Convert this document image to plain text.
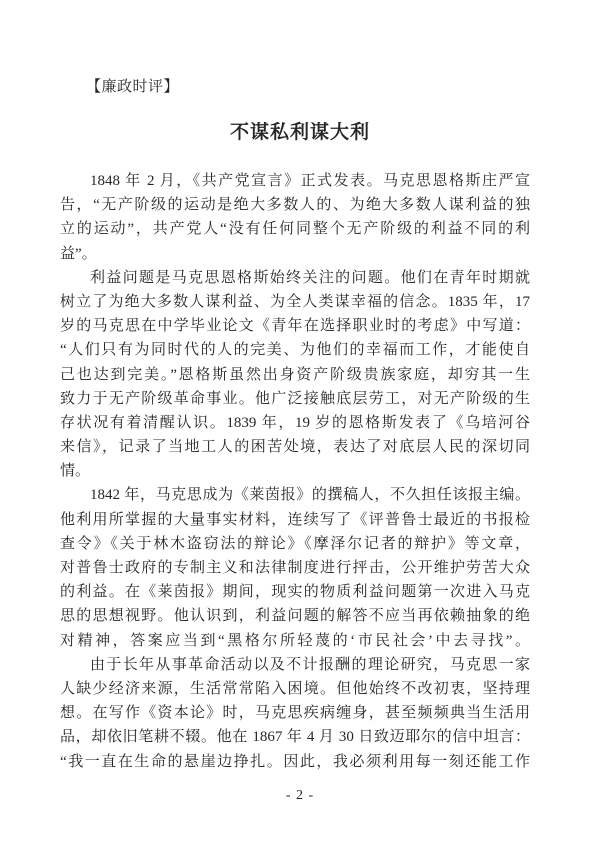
【廉政时评】
不谋私利谋大利
1848 年 2 月，《共产党宣言》正式发表。马克思恩格斯庄严宣
告，“无产阶级的运动是绝大多数人的、为绝大多数人谋利益的独
立的运动”，共产党人“没有任何同整个无产阶级的利益不同的利
益”。
利益问题是马克思恩格斯始终关注的问题。他们在青年时期就
树立了为绝大多数人谋利益、为全人类谋幸福的信念。1835 年，17
岁的马克思在中学毕业论文《青年在选择职业时的考虑》中写道：
“人们只有为同时代的人的完美、为他们的幸福而工作，才能使自
己也达到完美。”恩格斯虽然出身资产阶级贵族家庭，却穷其一生
致力于无产阶级革命事业。他广泛接触底层劳工，对无产阶级的生
存状况有着清醒认识。1839 年，19 岁的恩格斯发表了《乌培河谷
来信》，记录了当地工人的困苦处境，表达了对底层人民的深切同
情。
1842 年，马克思成为《莱茵报》的撰稿人，不久担任该报主编。
他利用所掌握的大量事实材料，连续写了《评普鲁士最近的书报检
查令》《关于林木盗窃法的辩论》《摩泽尔记者的辩护》等文章，
对普鲁士政府的专制主义和法律制度进行抨击，公开维护劳苦大众
的利益。在《莱茵报》期间，现实的物质利益问题第一次进入马克
思的思想视野。他认识到，利益问题的解答不应当再依赖抽象的绝
对精神，答案应当到“黑格尔所轻蔑的‘市民社会’中去寻找”。
由于长年从事革命活动以及不计报酬的理论研究，马克思一家
人缺少经济来源，生活常常陷入困境。但他始终不改初衷，坚持理
想。在写作《资本论》时，马克思疾病缠身，甚至频频典当生活用
品，却依旧笔耕不辍。他在 1867 年 4 月 30 日致迈耶尔的信中坦言：
“我一直在生命的悬崖边挣扎。因此，我必须利用每一刻还能工作
- 2 -
